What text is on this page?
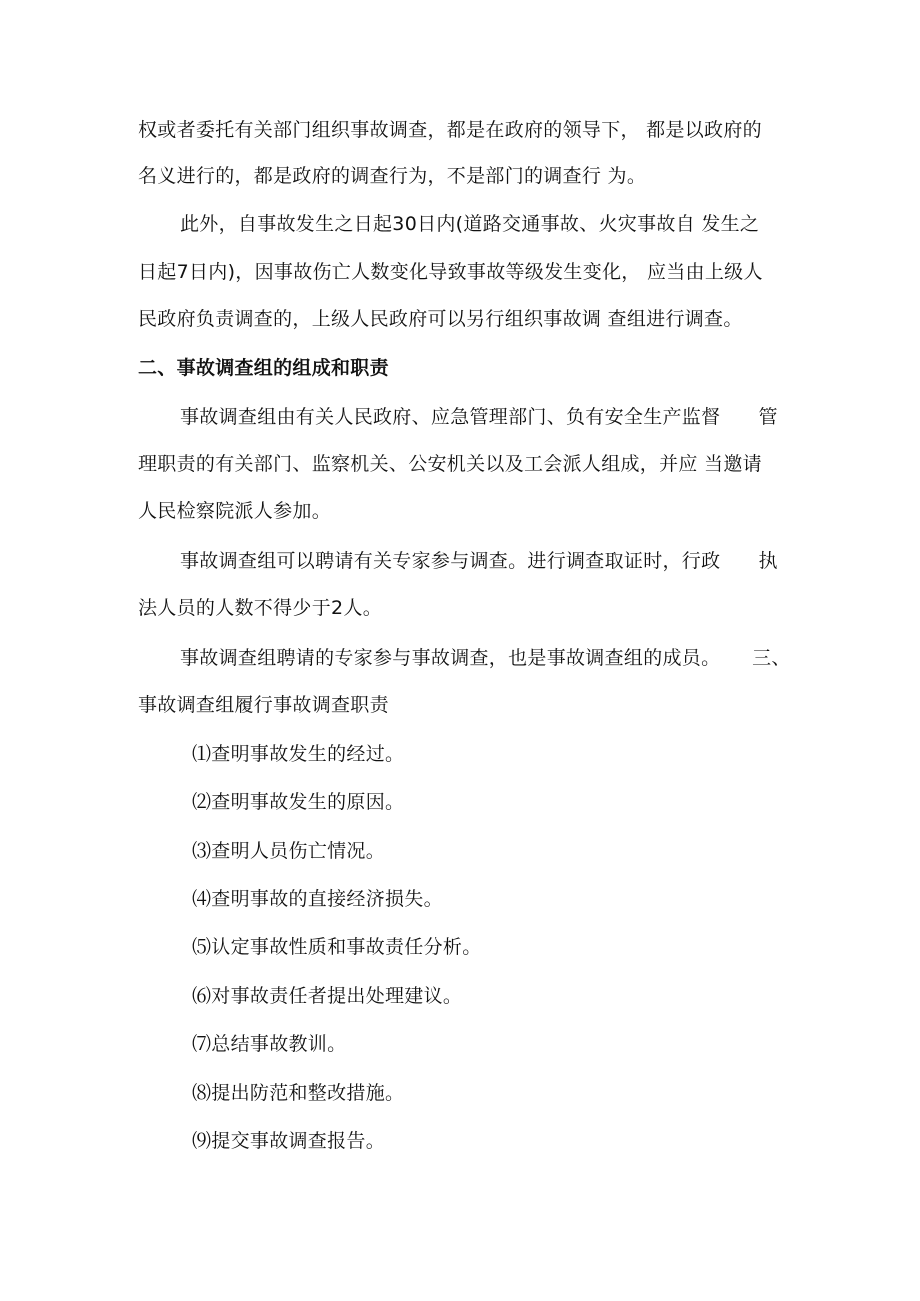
权或者委托有关部门组织事故调查，都是在政府的领导下， 都是以政府的
名义进行的，都是政府的调查行为，不是部门的调查行 为。
此外，自事故发生之日起30日内(道路交通事故、火灾事故自 发生之
日起7日内)，因事故伤亡人数变化导致事故等级发生变化， 应当由上级人
民政府负责调查的，上级人民政府可以另行组织事故调 查组进行调查。
二、事故调查组的组成和职责
事故调查组由有关人民政府、应急管理部门、负有安全生产监督      管
理职责的有关部门、监察机关、公安机关以及工会派人组成，并应 当邀请
人民检察院派人参加。
事故调查组可以聘请有关专家参与调查。进行调查取证时，行政      执
法人员的人数不得少于2人。
事故调查组聘请的专家参与事故调查，也是事故调查组的成员。     三、
事故调查组履行事故调查职责
⑴查明事故发生的经过。
⑵查明事故发生的原因。
⑶查明人员伤亡情况。
⑷查明事故的直接经济损失。
⑸认定事故性质和事故责任分析。
⑹对事故责任者提出处理建议。
⑺总结事故教训。
⑻提出防范和整改措施。
⑼提交事故调查报告。
